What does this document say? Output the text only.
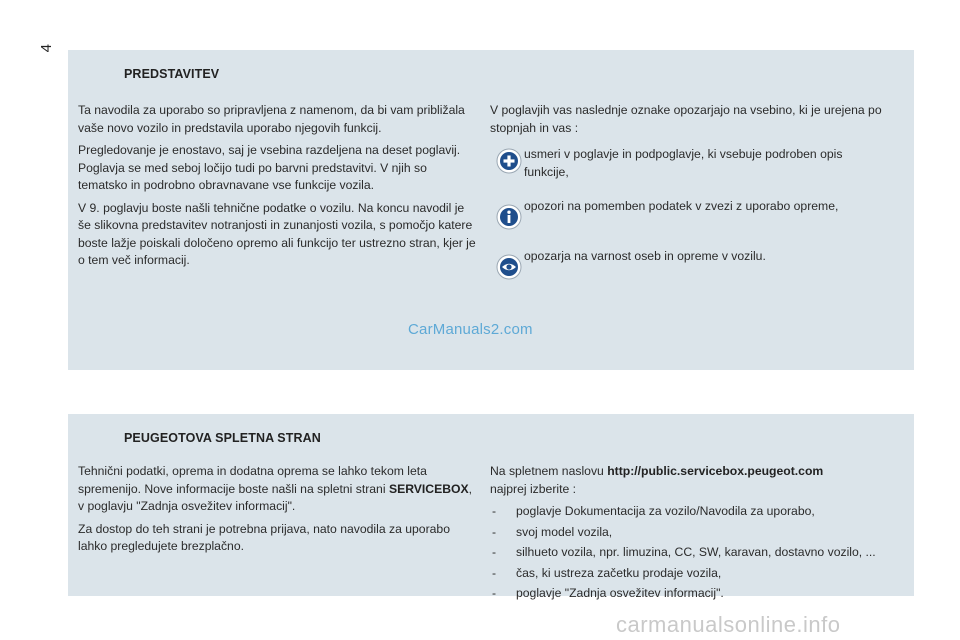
4
PREDSTAVITEV

Ta navodila za uporabo so pripravljena z namenom, da bi vam približala vaše novo vozilo in predstavila uporabo njegovih funkcij.

Pregledovanje je enostavo, saj je vsebina razdeljena na deset poglavij. Poglavja se med seboj ločijo tudi po barvni predstavitvi. V njih so tematsko in podrobno obravnavane vse funkcije vozila.

V 9. poglavju boste našli tehnične podatke o vozilu. Na koncu navodil je še slikovna predstavitev notranjosti in zunanjosti vozila, s pomočjo katere boste lažje poiskali določeno opremo ali funkcijo ter ustrezno stran, kjer je o tem več informacij.

V poglavjih vas naslednje oznake opozarjajo na vsebino, ki je urejena po stopnjah in vas :

usmeri v poglavje in podpoglavje, ki vsebuje podroben opis funkcije,
opozori na pomemben podatek v zvezi z uporabo opreme,
opozarja na varnost oseb in opreme v vozilu.
CarManuals2.com
PEUGEOTOVA SPLETNA STRAN

Tehnični podatki, oprema in dodatna oprema se lahko tekom leta spremenijo. Nove informacije boste našli na spletni strani SERVICEBOX, v poglavju "Zadnja osvežitev informacij".

Za dostop do teh strani je potrebna prijava, nato navodila za uporabo lahko pregledujete brezplačno.

Na spletnem naslovu http://public.servicebox.peugeot.com
najprej izberite :

- poglavje Dokumentacija za vozilo/Navodila za uporabo,
- svoj model vozila,
- silhueto vozila, npr. limuzina, CC, SW, karavan, dostavno vozilo, ...
- čas, ki ustreza začetku prodaje vozila,
- poglavje "Zadnja osvežitev informacij".
carmanualsonline.info
